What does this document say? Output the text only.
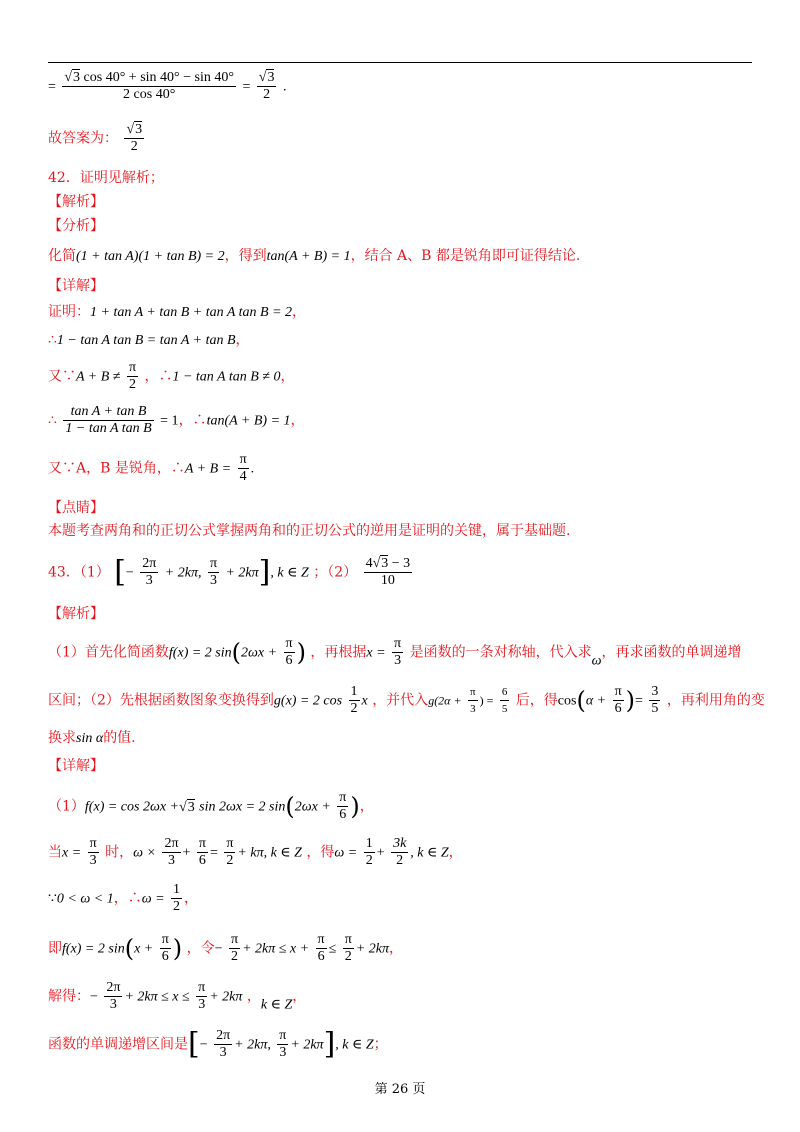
= $\frac{√3 \cos 40^\circ + \sin 40^\circ - \sin 40^\circ}{2 \cos 40^\circ} = \frac{√3}{2}$ .
故答案为： $\frac{√3}{2}$
42．证明见解析；
【解析】
【分析】
化简(1 + tan A)(1 + tan B) = 2，得到tan(A + B) = 1，结合 A、B 都是锐角即可证得结论.
【详解】
证明：1 + tan A + tan B + tan A tan B = 2，
∴1 − tan A tan B = tan A + tan B，
又∵A + $B \ne \frac{\pi}{2}$ ，∴1 − tan A tan B ≠ 0，
∴ $\frac{\text{tan A + tan B}}{\text{1 − tan A tan B}} = 1$，∴tan(A + B) = 1，
又∵A，B 是锐角，∴A + $B = \frac{\pi}{4}$ .
【点睛】
本题考查两角和的正切公式掌握两角和的正切公式的逆用是证明的关键，属于基础题.
43．（1） [− $\frac{2\pi}{3} + 2k\pi$, $\frac{\pi}{3} + 2k\pi$], k ∈ Z ；$(2) \frac{4√3 - 3}{10}$
【解析】
（1）首先化简函数f(x) = 2 $\sin(2\omega x + \frac{\pi}{6}$ ) ，再根据$x = \frac{\pi}{3}$ 是函数的一条对称轴，代入求ω，再求函数的单调递增
区间；（2）先根据函数图象变换得到g(x) = 2 $\cos \frac{1}{2}$ x ，并代入$g(2\alpha + \frac{\pi}{3}$ ) = $\frac{6}{5}$ 后，得$\cos(\alpha + \frac{\pi}{6}$ )= $\frac{3}{5}$ ，再利用角的变
换求sin α的值.
【详解】
（1）f(x) = cos 2ωx +√3 sin 2ωx = 2 $\sin(2\omega x + \frac{\pi}{6}$ )，
当$x = \frac{\pi}{3}$ 时，$\omega \times \frac{2\pi}{3} + \frac{\pi}{6} = \frac{\pi}{2} + k\pi$, k ∈ Z ，得$\omega = \frac{1}{2} + \frac{3k}{2}$ , k ∈ Z，
∵0 < ω < 1，∴ω = $\frac{1}{2}$ ，
即f(x) = 2 $\sin(x + \frac{\pi}{6}$ ) ，令− $\frac{\pi}{2} + 2k\pi \le x + \frac{\pi}{6} \le \frac{\pi}{2} + 2k\pi$，
解得：− $\frac{2\pi}{3} + 2k\pi \le x \le \frac{\pi}{3} + 2k\pi$ ，k ∈ Z，
函数的单调递增区间是[− $\frac{2\pi}{3} + 2k\pi$, $\frac{\pi}{3} + 2k\pi$], k ∈ Z；
第 26 页
